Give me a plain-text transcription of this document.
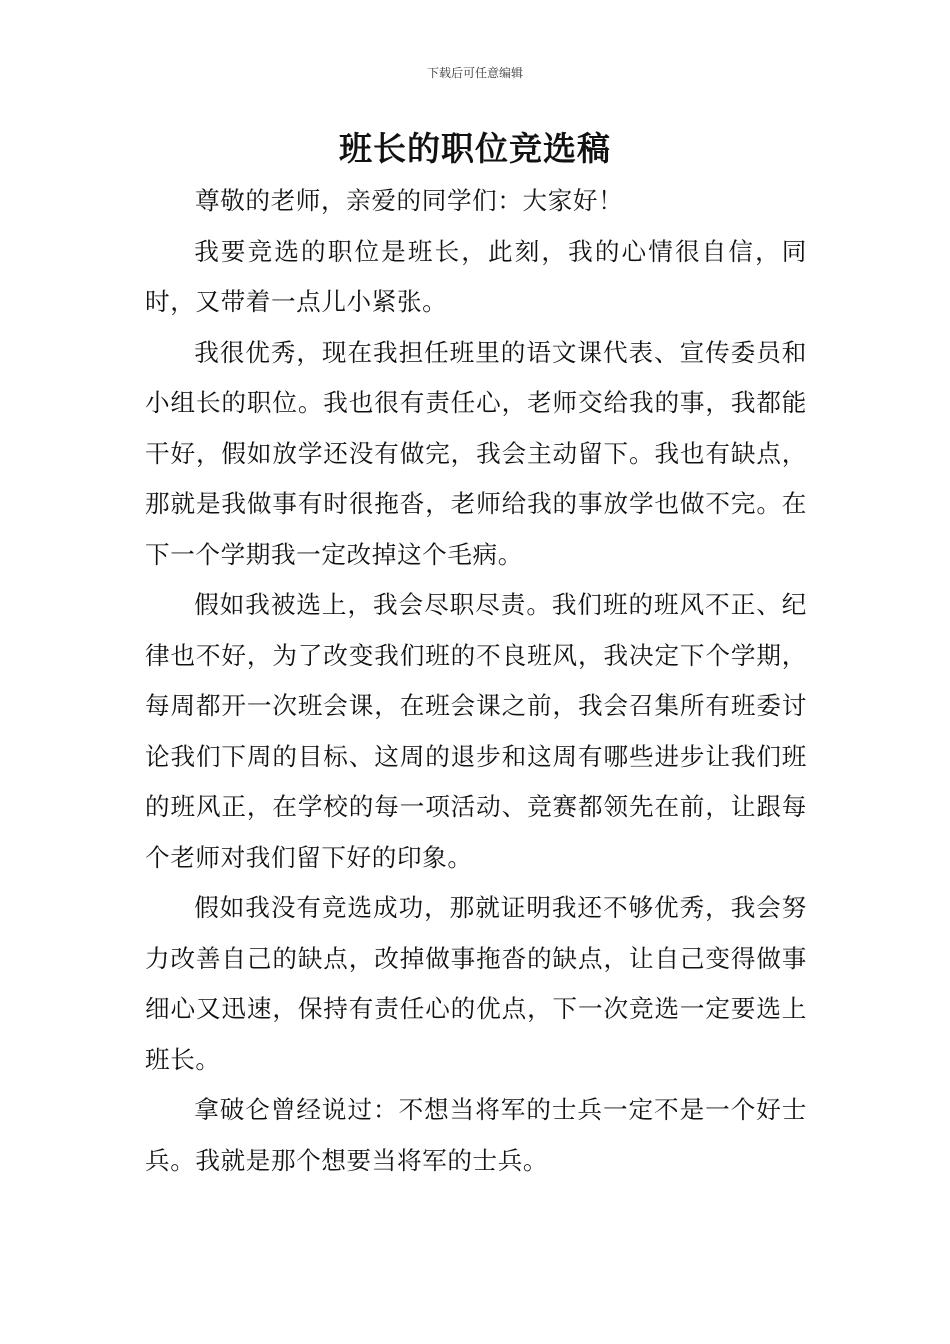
下载后可任意编辑
班长的职位竞选稿

尊敬的老师，亲爱的同学们：大家好！

我要竞选的职位是班长，此刻，我的心情很自信，同时，又带着一点儿小紧张。

我很优秀，现在我担任班里的语文课代表、宣传委员和小组长的职位。我也很有责任心，老师交给我的事，我都能干好，假如放学还没有做完，我会主动留下。我也有缺点，那就是我做事有时很拖沓，老师给我的事放学也做不完。在下一个学期我一定改掉这个毛病。

假如我被选上，我会尽职尽责。我们班的班风不正、纪律也不好，为了改变我们班的不良班风，我决定下个学期，每周都开一次班会课，在班会课之前，我会召集所有班委讨论我们下周的目标、这周的退步和这周有哪些进步让我们班的班风正，在学校的每一项活动、竞赛都领先在前，让跟每个老师对我们留下好的印象。

假如我没有竞选成功，那就证明我还不够优秀，我会努力改善自己的缺点，改掉做事拖沓的缺点，让自己变得做事细心又迅速，保持有责任心的优点，下一次竞选一定要选上班长。

拿破仑曾经说过：不想当将军的士兵一定不是一个好士兵。我就是那个想要当将军的士兵。
